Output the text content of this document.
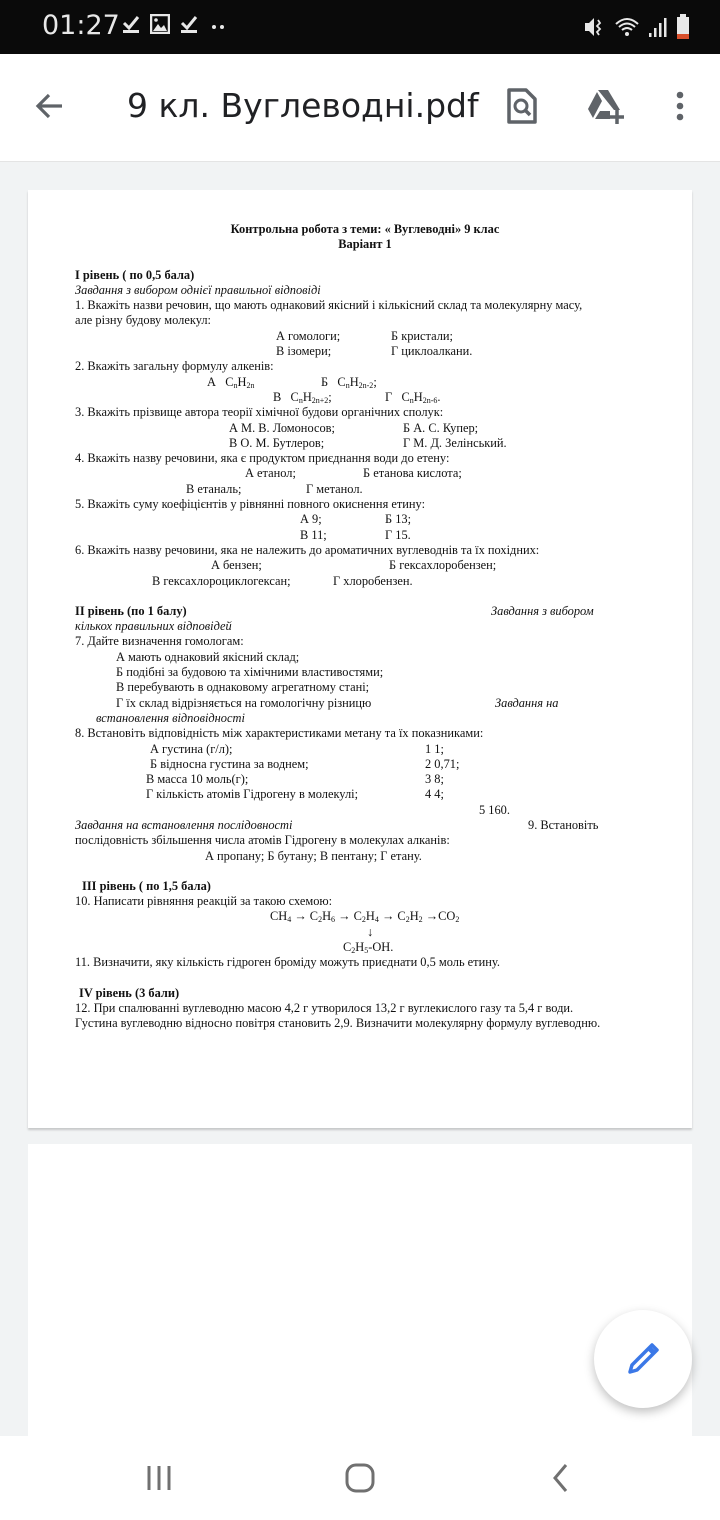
01:27
9 кл. Вуглеводні.pdf
Контрольна робота з теми: « Вуглеводні» 9 клас
Варіант 1
І рівень ( по 0,5 бала)
Завдання з вибором однієї правильної відповіді
1. Вкажіть назви речовин, що мають однаковий якісний і кількісний склад та молекулярну масу,
але різну будову молекул:
А гомологи;	Б кристали;
В ізомери;	Г циклоалкани.
2. Вкажіть загальну формулу алкенів:
А   $C_nH_{2n}$	Б   $C_nH_{2n-2}$;
В   $C_nH_{2n+2}$;	Г   $C_nH_{2n-6}$.
3. Вкажіть прізвище автора теорії хімічної будови органічних сполук:
А М. В. Ломоносов;	Б А. С. Купер;
В О. М. Бутлеров;	Г М. Д. Зелінський.
4. Вкажіть назву речовини, яка є продуктом приєднання води до етену:
А етанол;	Б етанова кислота;
В етаналь;	Г метанол.
5. Вкажіть суму коефіцієнтів у рівнянні повного окиснення етину:
А 9;	Б 13;
В 11;	Г 15.
6. Вкажіть назву речовини, яка не належить до ароматичних вуглеводнів та їх похідних:
А бензен;	Б гексахлоробензен;
В гексахлороциклогексан;	Г хлоробензен.
ІІ рівень (по 1 балу)	Завдання з вибором
кількох правильних відповідей
7. Дайте визначення гомологам:
А мають однаковий якісний склад;
Б подібні за будовою та хімічними властивостями;
В перебувають в однаковому агрегатному стані;
Г їх склад відрізняється на гомологічну різницю	Завдання на
встановлення відповідності
8. Встановіть відповідність між характеристиками метану та їх показниками:
А густина (г/л);	1 1;
Б відносна густина за воднем;	2 0,71;
В масса 10 моль(г);	3 8;
Г кількість атомів Гідрогену в молекулі;	4 4;
5 160.
Завдання на встановлення послідовності	9. Встановіть
послідовність збільшення числа атомів Гідрогену в молекулах алканів:
А пропану; Б бутану; В пентану; Г етану.
ІІІ рівень ( по 1,5 бала)
10. Написати рівняння реакцій за такою схемою:
$CH_4 \to C_2H_6 \to C_2H_4 \to C_2H_2 \to CO_2$
↓
$C_2H_5-OH$.
11. Визначити, яку кількість гідроген броміду можуть приєднати 0,5 моль етину.
IV рівень (3 бали)
12. При спалюванні вуглеводню масою 4,2 г утворилося 13,2 г вуглекислого газу та 5,4 г води.
Густина вуглеводню відносно повітря становить 2,9. Визначити молекулярну формулу вуглеводню.
